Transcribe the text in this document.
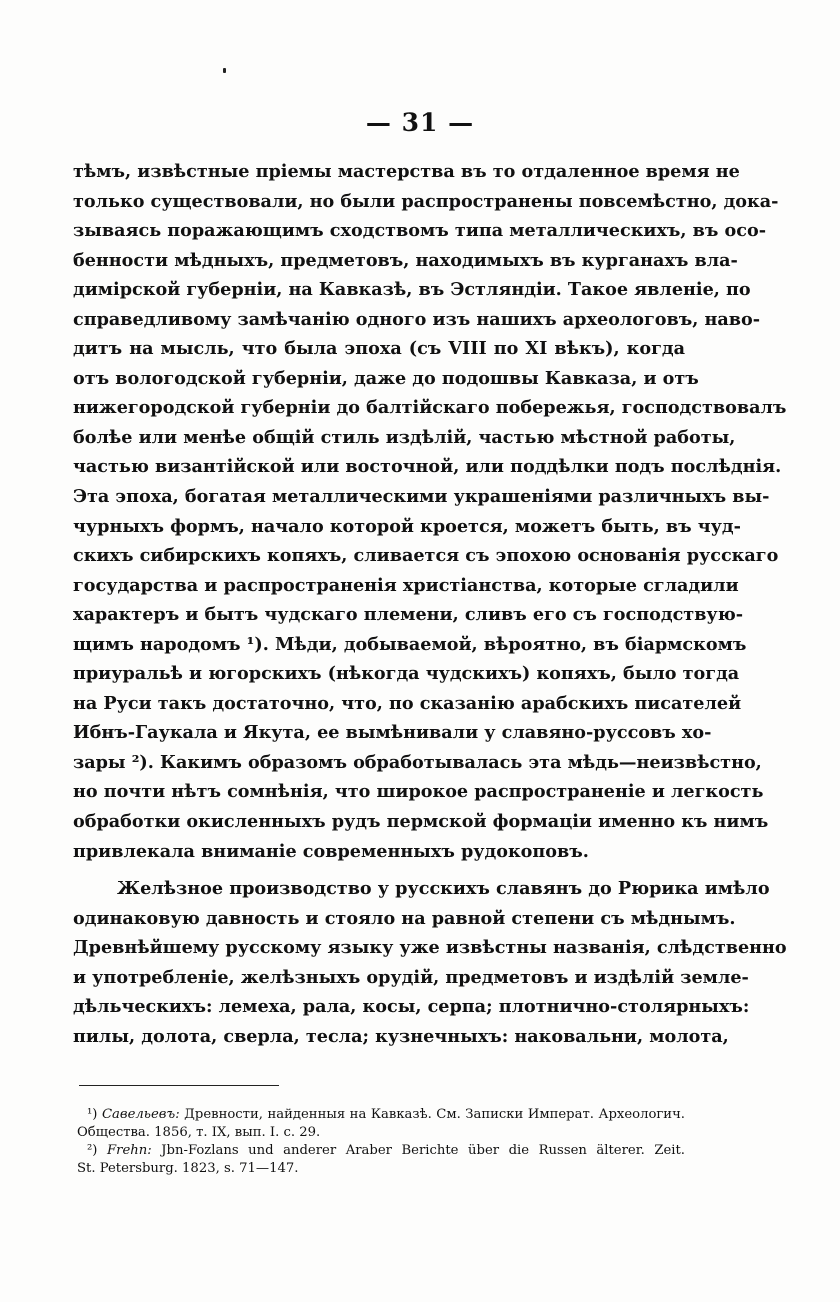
— 31 —
тѣмъ, извѣстные пріемы мастерства въ то отдаленное время не
только существовали, но были распространены повсемѣстно, дока-
зываясь поражающимъ сходствомъ типа металлическихъ, въ осо-
бенности мѣдныхъ, предметовъ, находимыхъ въ курганахъ вла-
димірской губерніи, на Кавказѣ, въ Эстляндіи. Такое явленіе, по
справедливому замѣчанію одного изъ нашихъ археологовъ, наво-
дитъ на мысль, что была эпоха (съ VIII по XI вѣкъ), когда
отъ вологодской губерніи, даже до подошвы Кавказа, и отъ
нижегородской губерніи до балтійскаго побережья, господствовалъ
болѣе или менѣе общій стиль издѣлій, частью мѣстной работы,
частью византійской или восточной, или поддѣлки подъ послѣднія.
Эта эпоха, богатая металлическими украшеніями различныхъ вы-
чурныхъ формъ, начало которой кроется, можетъ быть, въ чуд-
скихъ сибирскихъ копяхъ, сливается съ эпохою основанія русскаго
государства и распространенія христіанства, которые сгладили
характеръ и бытъ чудскаго племени, сливъ его съ господствую-
щимъ народомъ ¹). Мѣди, добываемой, вѣроятно, въ біармскомъ
приуральѣ и югорскихъ (нѣкогда чудскихъ) копяхъ, было тогда
на Руси такъ достаточно, что, по сказанію арабскихъ писателей
Ибнъ-Гаукала и Якута, ее вымѣнивали у славяно-руссовъ хо-
зары ²). Какимъ образомъ обработывалась эта мѣдь—неизвѣстно,
но почти нѣтъ сомнѣнія, что широкое распространеніе и легкость
обработки окисленныхъ рудъ пермской формаціи именно къ нимъ
привлекала вниманіе современныхъ рудокоповъ.
Желѣзное производство у русскихъ славянъ до Рюрика имѣло
одинаковую давность и стояло на равной степени съ мѣднымъ.
Древнѣйшему русскому языку уже извѣстны названія, слѣдственно
и употребленіе, желѣзныхъ орудій, предметовъ и издѣлій земле-
дѣльческихъ: лемеха, рала, косы, серпа; плотнично-столярныхъ:
пилы, долота, сверла, тесла; кузнечныхъ: наковальни, молота,
¹) Савельевъ: Древности, найденныя на Кавказѣ. См. Записки Императ. Археологич.
Общества. 1856, т. IX, вып. I. с. 29.
²) Frehn: Jbn-Fozlans und anderer Araber Berichte über die Russen älterer. Zeit.
St. Petersburg. 1823, s. 71—147.
